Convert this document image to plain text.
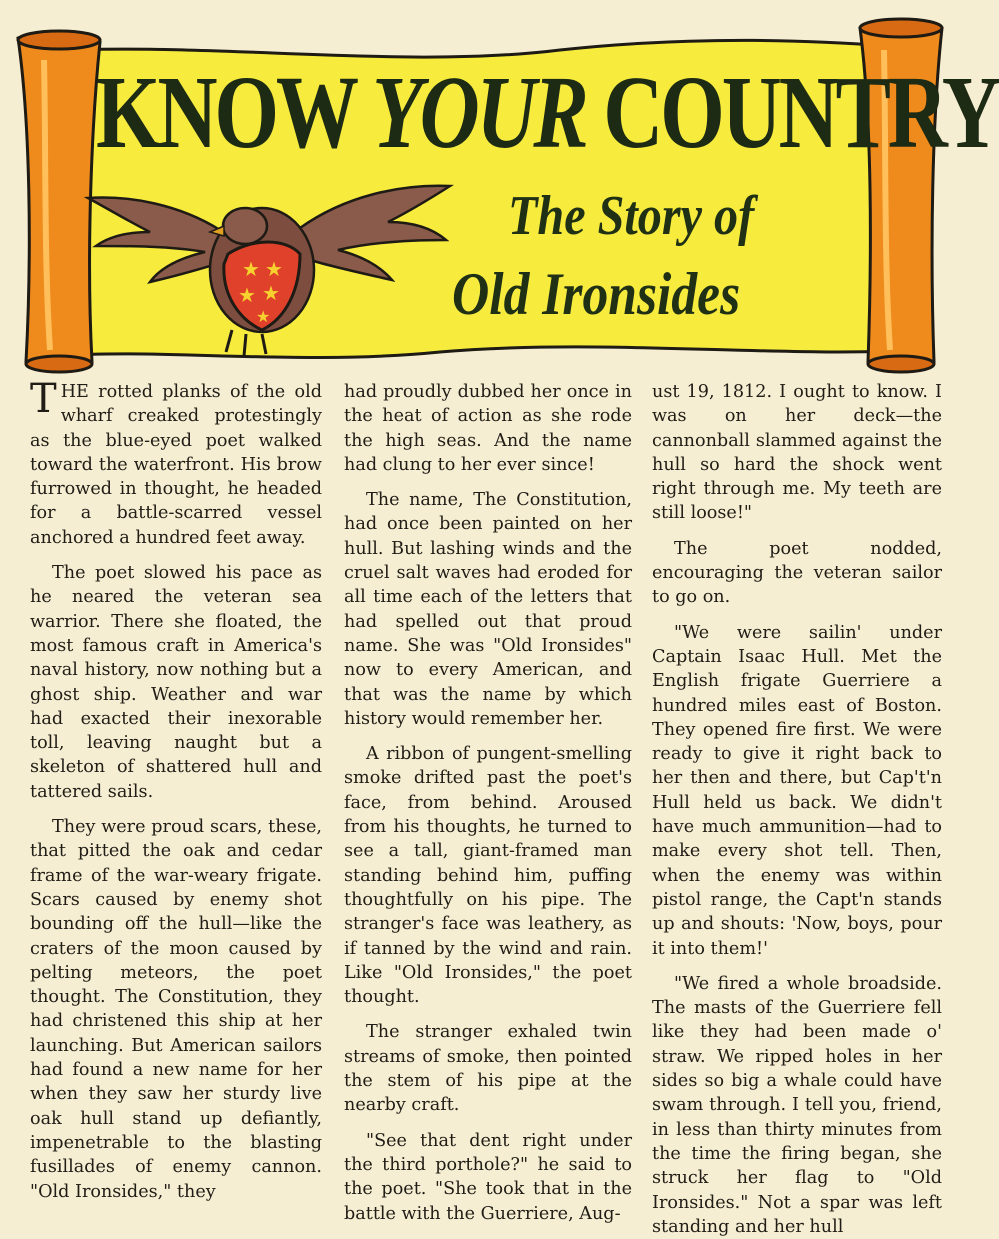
★ ★
★ ★
★
KNOW YOUR COUNTRY
The Story of
Old Ironsides

THE rotted planks of the old wharf creaked protestingly as the blue-eyed poet walked toward the waterfront. His brow furrowed in thought, he headed for a battle-scarred vessel anchored a hundred feet away.

The poet slowed his pace as he neared the veteran sea warrior. There she floated, the most famous craft in America's naval history, now nothing but a ghost ship. Weather and war had exacted their inexorable toll, leaving naught but a skeleton of shattered hull and tattered sails.

They were proud scars, these, that pitted the oak and cedar frame of the war-weary frigate. Scars caused by enemy shot bounding off the hull—like the craters of the moon caused by pelting meteors, the poet thought. The Constitution, they had christened this ship at her launching. But American sailors had found a new name for her when they saw her sturdy live oak hull stand up defiantly, impenetrable to the blasting fusillades of enemy cannon. "Old Ironsides," they

had proudly dubbed her once in the heat of action as she rode the high seas. And the name had clung to her ever since!

The name, The Constitution, had once been painted on her hull. But lashing winds and the cruel salt waves had eroded for all time each of the letters that had spelled out that proud name. She was "Old Ironsides" now to every American, and that was the name by which history would remember her.

A ribbon of pungent-smelling smoke drifted past the poet's face, from behind. Aroused from his thoughts, he turned to see a tall, giant-framed man standing behind him, puffing thoughtfully on his pipe. The stranger's face was leathery, as if tanned by the wind and rain. Like "Old Ironsides," the poet thought.

The stranger exhaled twin streams of smoke, then pointed the stem of his pipe at the nearby craft.

"See that dent right under the third porthole?" he said to the poet. "She took that in the battle with the Guerriere, Aug-

ust 19, 1812. I ought to know. I was on her deck—the cannonball slammed against the hull so hard the shock went right through me. My teeth are still loose!"

The poet nodded, encouraging the veteran sailor to go on.

"We were sailin' under Captain Isaac Hull. Met the English frigate Guerriere a hundred miles east of Boston. They opened fire first. We were ready to give it right back to her then and there, but Cap't'n Hull held us back. We didn't have much ammunition—had to make every shot tell. Then, when the enemy was within pistol range, the Capt'n stands up and shouts: 'Now, boys, pour it into them!'

"We fired a whole broadside. The masts of the Guerriere fell like they had been made o' straw. We ripped holes in her sides so big a whale could have swam through. I tell you, friend, in less than thirty minutes from the time the firing began, she struck her flag to "Old Ironsides." Not a spar was left standing and her hull
